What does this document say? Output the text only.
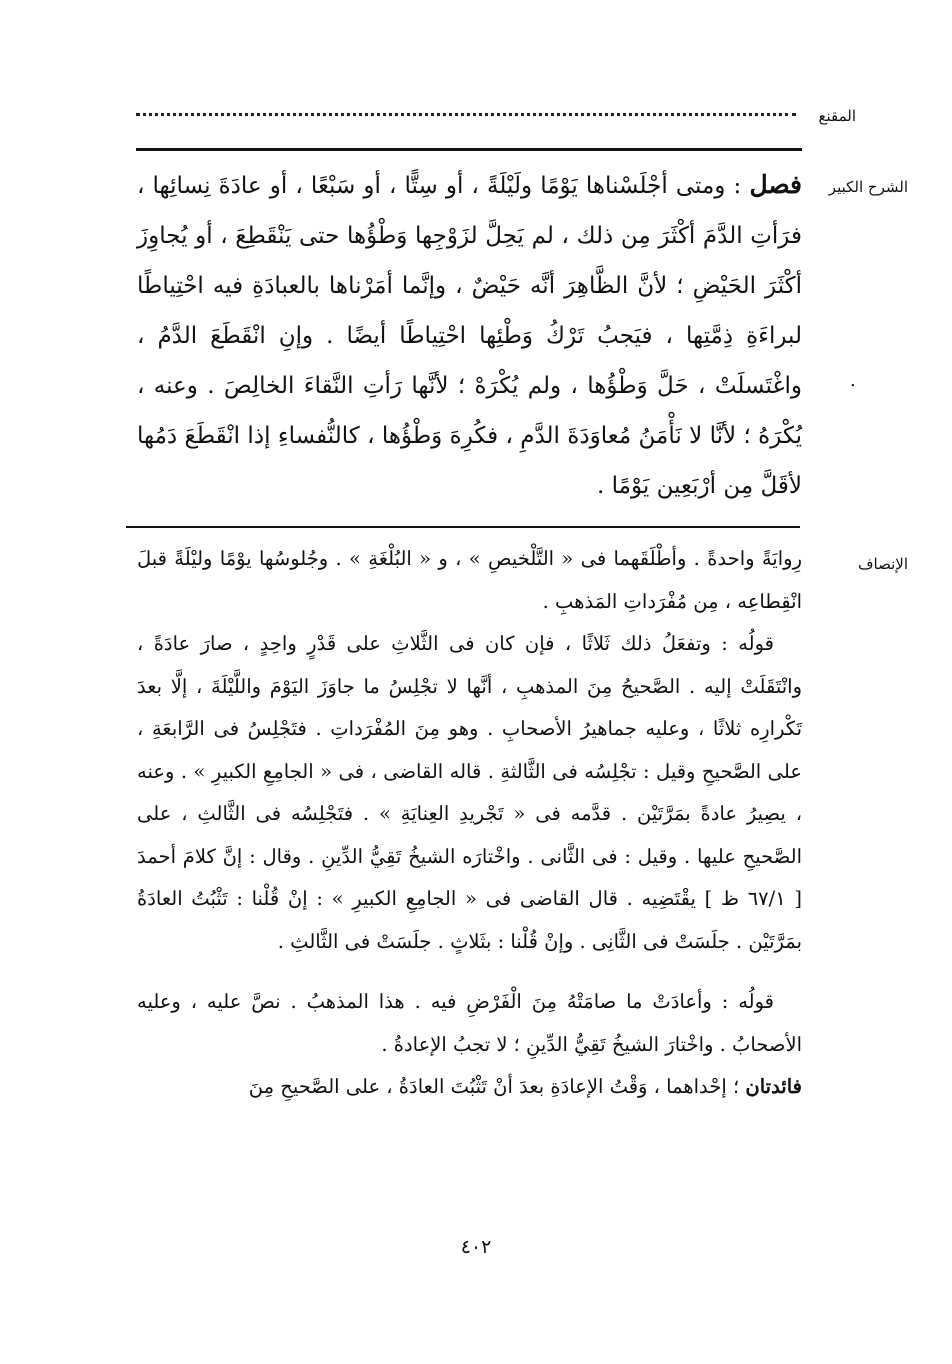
المقنع
الشرح الكبير

فصل : ومتى أجْلَسْناها يَوْمًا ولَيْلَةً ، أو سِتًّا ، أو سَبْعًا ، أو عادَةَ نِسائِها ، فرَأتِ الدَّمَ أكْثَرَ مِن ذلك ، لم يَحِلَّ لزَوْجِها وَطْؤُها حتى يَنْقَطِعَ ، أو يُجاوِزَ أكْثَرَ الحَيْضِ ؛ لأنَّ الظَّاهِرَ أنَّه حَيْضٌ ، وإنَّما أمَرْناها بالعبادَةِ فيه احْتِياطًا لبراءَةِ ذِمَّتِها ، فيَجبُ تَرْكُ وَطْئِها احْتِياطًا أيضًا . وإنِ انْقَطَعَ الدَّمُ ، واغْتَسلَتْ ، حَلَّ وَطْؤُها ، ولم يُكْرَهْ ؛ لأنَّها رَأتِ النَّقاءَ الخالِصَ . وعنه ، يُكْرَهُ ؛ لأنَّا لا نَأْمَنُ مُعاوَدَةَ الدَّمِ ، فكُرِهَ وَطْؤُها ، كالنُّفساءِ إذا انْقَطَعَ دَمُها لأقَلَّ مِن أرْبَعِين يَوْمًا .

.
الإنصاف

رِوايَةً واحدةً . وأطْلَقَهما فى « التَّلْخيصِ » ، و « البُلْغَةِ » . وجُلوسُها يوْمًا وليْلَةً قبلَ انْقِطاعِه ، مِن مُفْرَداتِ المَذهبِ .

قولُه : وتفعَلُ ذلك ثَلاثًا ، فإن كان فى الثَّلاثِ على قَدْرٍ واحِدٍ ، صارَ عادَةً ، وانْتَقَلَتْ إليه . الصَّحيحُ مِنَ المذهبِ ، أنَّها لا تجْلِسُ ما جاوَزَ اليَوْمَ واللَّيْلَةَ ، إلَّا بعدَ تَكْرارِه ثلاثًا ، وعليه جماهيرُ الأصحابِ . وهو مِنَ المُفْرَداتِ . فتَجْلِسُ فى الرَّابعَةِ ، على الصَّحيحِ وقيل : تجْلِسُه فى الثَّالثةِ . قاله القاضى ، فى « الجامِعِ الكبيرِ » . وعنه ، يصِيرُ عادةً بمَرَّتَيْن . قدَّمه فى « تَجْريدِ العِنايَةِ » . فتَجْلِسُه فى الثَّالثِ ، على الصَّحيحِ عليها . وقيل : فى الثَّانى . واخْتارَه الشيخُ تَقِيُّ الدِّينِ . وقال : إنَّ كلامَ أحمدَ [ ٦٧/١ ظ ] يقْتَضِيه . قال القاضى فى « الجامِعِ الكبيرِ » : إنْ قُلْنا : تَثْبُتُ العادَةُ بمَرَّتَيْن . جلَسَتْ فى الثَّانِى . وإنْ قُلْنا : بثَلاثٍ . جلَسَتْ فى الثَّالثِ .

قولُه : وأعادَتْ ما صامَتْهُ مِنَ الْفَرْضِ فيه . هذا المذهبُ . نصَّ عليه ، وعليه الأصحابُ . واخْتارَ الشيخُ تَقِيُّ الدِّينِ ؛ لا تجبُ الإعادةُ .

فائدتان ؛ إحْداهما ، وَقْتُ الإعادَةِ بعدَ أنْ تَثْبُتَ العادَةُ ، على الصَّحيحِ مِنَ

٤٠٢
